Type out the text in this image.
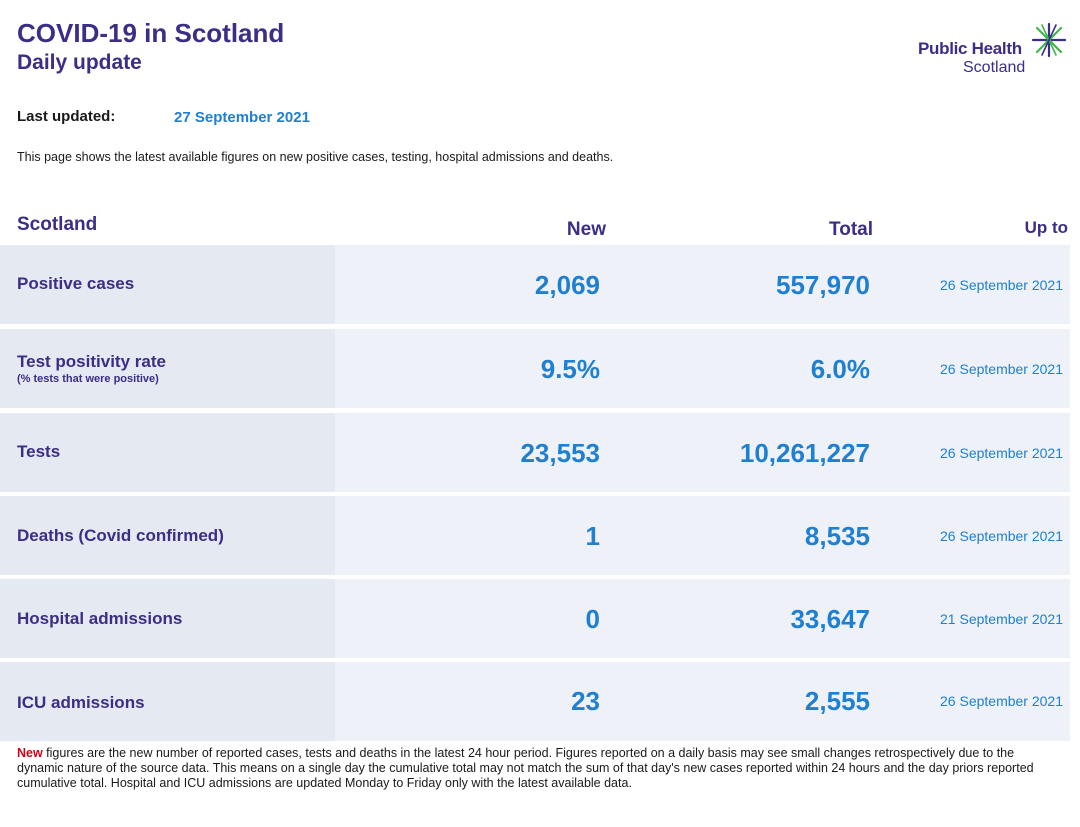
COVID-19 in Scotland
Daily update
Public Health
Scotland
Last updated:	27 September 2021

This page shows the latest available figures on new positive cases, testing, hospital admissions and deaths.

Scotland	New	Total	Up to
Positive cases	2,069	557,970	26 September 2021
Test positivity rate
(% tests that were positive)	9.5%	6.0%	26 September 2021
Tests	23,553	10,261,227	26 September 2021
Deaths (Covid confirmed)	1	8,535	26 September 2021
Hospital admissions	0	33,647	21 September 2021
ICU admissions	23	2,555	26 September 2021

New figures are the new number of reported cases, tests and deaths in the latest 24 hour period. Figures reported on a daily basis may see small changes retrospectively due to the dynamic nature of the source data. This means on a single day the cumulative total may not match the sum of that day's new cases reported within 24 hours and the day priors reported cumulative total. Hospital and ICU admissions are updated Monday to Friday only with the latest available data.
